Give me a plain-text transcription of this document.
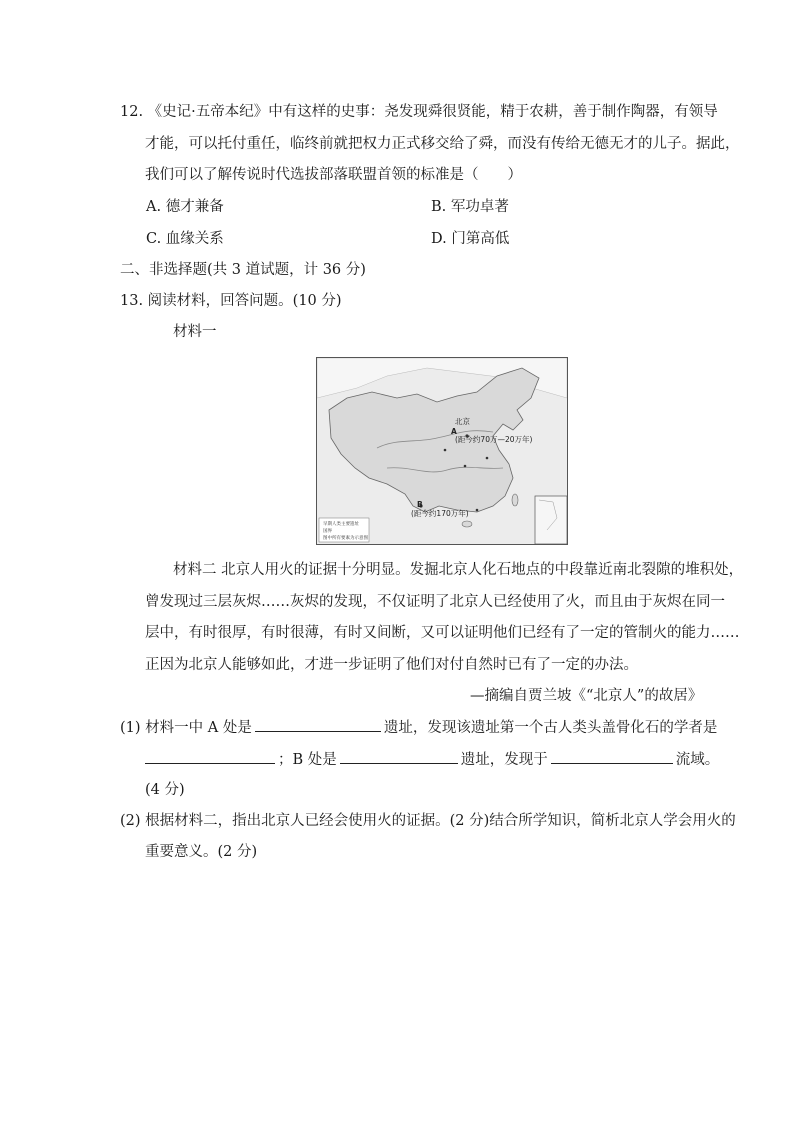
12. 《史记·五帝本纪》中有这样的史事：尧发现舜很贤能，精于农耕，善于制作陶器，有领导
才能，可以托付重任，临终前就把权力正式移交给了舜，而没有传给无德无才的儿子。据此，
我们可以了解传说时代选拔部落联盟首领的标准是（　　）
A. 德才兼备	B. 军功卓著
C. 血缘关系	D. 门第高低
二、非选择题(共 3 道试题，计 36 分)
13. 阅读材料，回答问题。(10 分)
材料一
北京
A
(距今约70万—20万年)
B
(距今约170万年)
早期人类主要遗址
国界
图中所有要素为示意图
材料二 北京人用火的证据十分明显。发掘北京人化石地点的中段靠近南北裂隙的堆积处，
曾发现过三层灰烬……灰烬的发现，不仅证明了北京人已经使用了火，而且由于灰烬在同一
层中，有时很厚，有时很薄，有时又间断，又可以证明他们已经有了一定的管制火的能力……
正因为北京人能够如此，才进一步证明了他们对付自然时已有了一定的办法。
—摘编自贾兰坡《“北京人”的故居》
(1) 材料一中 A 处是	遗址，发现该遗址第一个古人类头盖骨化石的学者是
；B 处是	遗址，发现于	流域。
(4 分)
(2) 根据材料二，指出北京人已经会使用火的证据。(2 分)结合所学知识，简析北京人学会用火的
重要意义。(2 分)
